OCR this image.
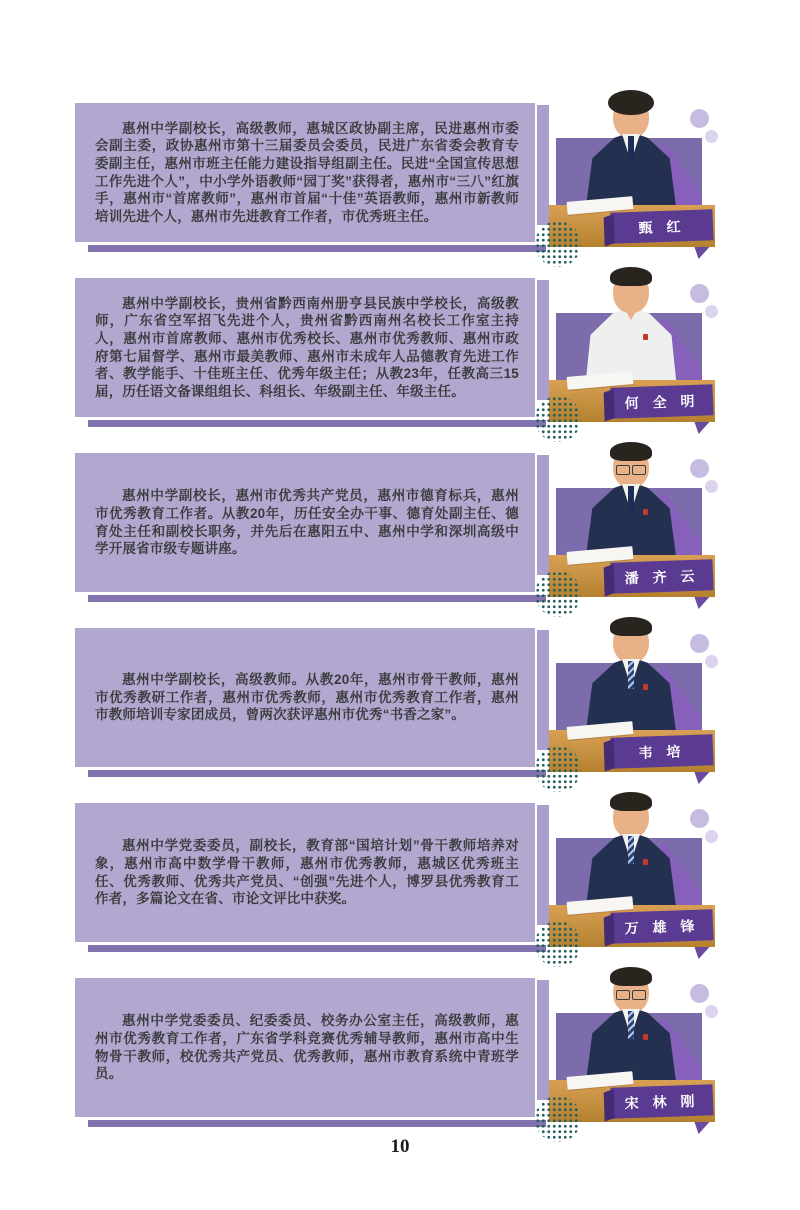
惠州中学副校长，高级教师，惠城区政协副主席，民进惠州市委会副主委，政协惠州市第十三届委员会委员，民进广东省委会教育专委副主任，惠州市班主任能力建设指导组副主任。民进“全国宣传思想工作先进个人”，中小学外语教师“园丁奖”获得者，惠州市“三八”红旗手，惠州市“首席教师”，惠州市首届“十佳”英语教师，惠州市新教师培训先进个人，惠州市先进教育工作者，市优秀班主任。

甄 红

惠州中学副校长，贵州省黔西南州册亨县民族中学校长，高级教师，广东省空军招飞先进个人，贵州省黔西南州名校长工作室主持人，惠州市首席教师、惠州市优秀校长、惠州市优秀教师、惠州市政府第七届督学、惠州市最美教师、惠州市未成年人品德教育先进工作者、教学能手、十佳班主任、优秀年级主任；从教23年，任教高三15届，历任语文备课组组长、科组长、年级副主任、年级主任。

何 全 明

惠州中学副校长，惠州市优秀共产党员，惠州市德育标兵，惠州市优秀教育工作者。从教20年，历任安全办干事、德育处副主任、德育处主任和副校长职务，并先后在惠阳五中、惠州中学和深圳高级中学开展省市级专题讲座。

潘 齐 云

惠州中学副校长，高级教师。从教20年，惠州市骨干教师，惠州市优秀教研工作者，惠州市优秀教师，惠州市优秀教育工作者，惠州市教师培训专家团成员，曾两次获评惠州市优秀“书香之家”。

韦 培

惠州中学党委委员，副校长，教育部“国培计划”骨干教师培养对象，惠州市高中数学骨干教师，惠州市优秀教师，惠城区优秀班主任、优秀教师、优秀共产党员、“创强”先进个人，博罗县优秀教育工作者，多篇论文在省、市论文评比中获奖。

万 雄 锋

惠州中学党委委员、纪委委员、校务办公室主任，高级教师，惠州市优秀教育工作者，广东省学科竞赛优秀辅导教师，惠州市高中生物骨干教师，校优秀共产党员、优秀教师，惠州市教育系统中青班学员。

宋 林 刚
10
